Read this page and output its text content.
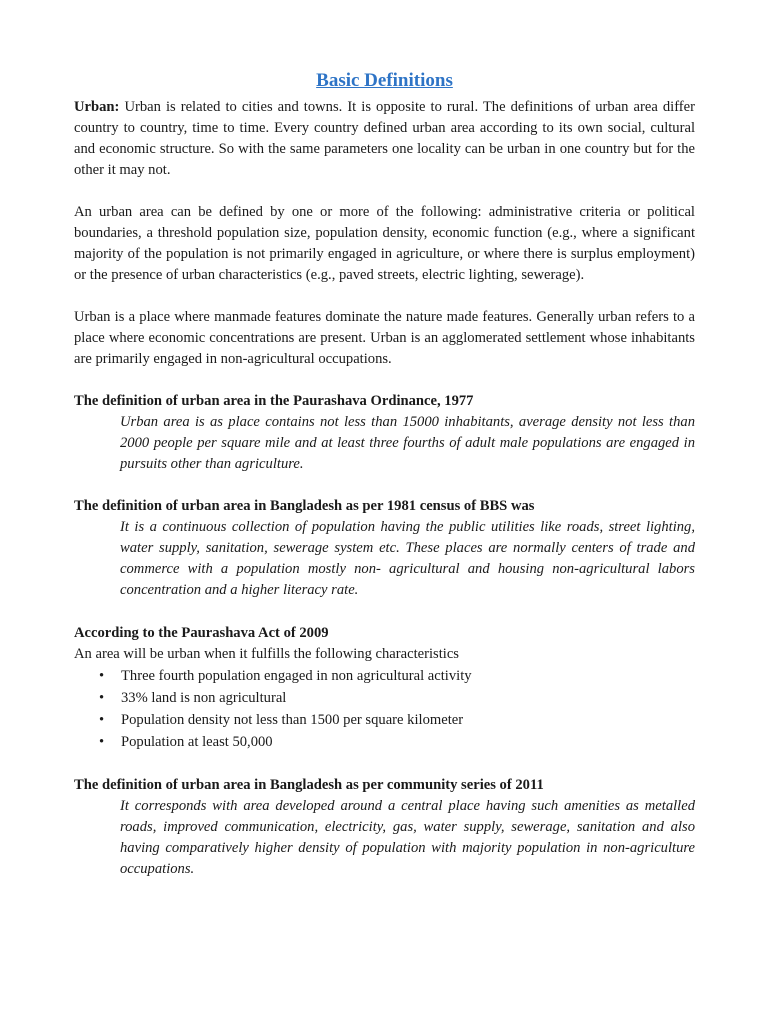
Basic Definitions

Urban: Urban is related to cities and towns. It is opposite to rural. The definitions of urban area differ country to country, time to time. Every country defined urban area according to its own social, cultural and economic structure. So with the same parameters one locality can be urban in one country but for the other it may not.

An urban area can be defined by one or more of the following: administrative criteria or political boundaries, a threshold population size, population density, economic function (e.g., where a significant majority of the population is not primarily engaged in agriculture, or where there is surplus employment) or the presence of urban characteristics (e.g., paved streets, electric lighting, sewerage).

Urban is a place where manmade features dominate the nature made features. Generally urban refers to a place where economic concentrations are present. Urban is an agglomerated settlement whose inhabitants are primarily engaged in non-agricultural occupations.

The definition of urban area in the Paurashava Ordinance, 1977

Urban area is as place contains not less than 15000 inhabitants, average density not less than 2000 people per square mile and at least three fourths of adult male populations are engaged in pursuits other than agriculture.

The definition of urban area in Bangladesh as per 1981 census of BBS was

It is a continuous collection of population having the public utilities like roads, street lighting, water supply, sanitation, sewerage system etc. These places are normally centers of trade and commerce with a population mostly non- agricultural and housing non-agricultural labors concentration and a higher literacy rate.

According to the Paurashava Act of 2009

An area will be urban when it fulfills the following characteristics

• Three fourth population engaged in non agricultural activity
• 33% land is non agricultural
• Population density not less than 1500 per square kilometer
• Population at least 50,000

The definition of urban area in Bangladesh as per community series of 2011

It corresponds with area developed around a central place having such amenities as metalled roads, improved communication, electricity, gas, water supply, sewerage, sanitation and also having comparatively higher density of population with majority population in non-agriculture occupations.
